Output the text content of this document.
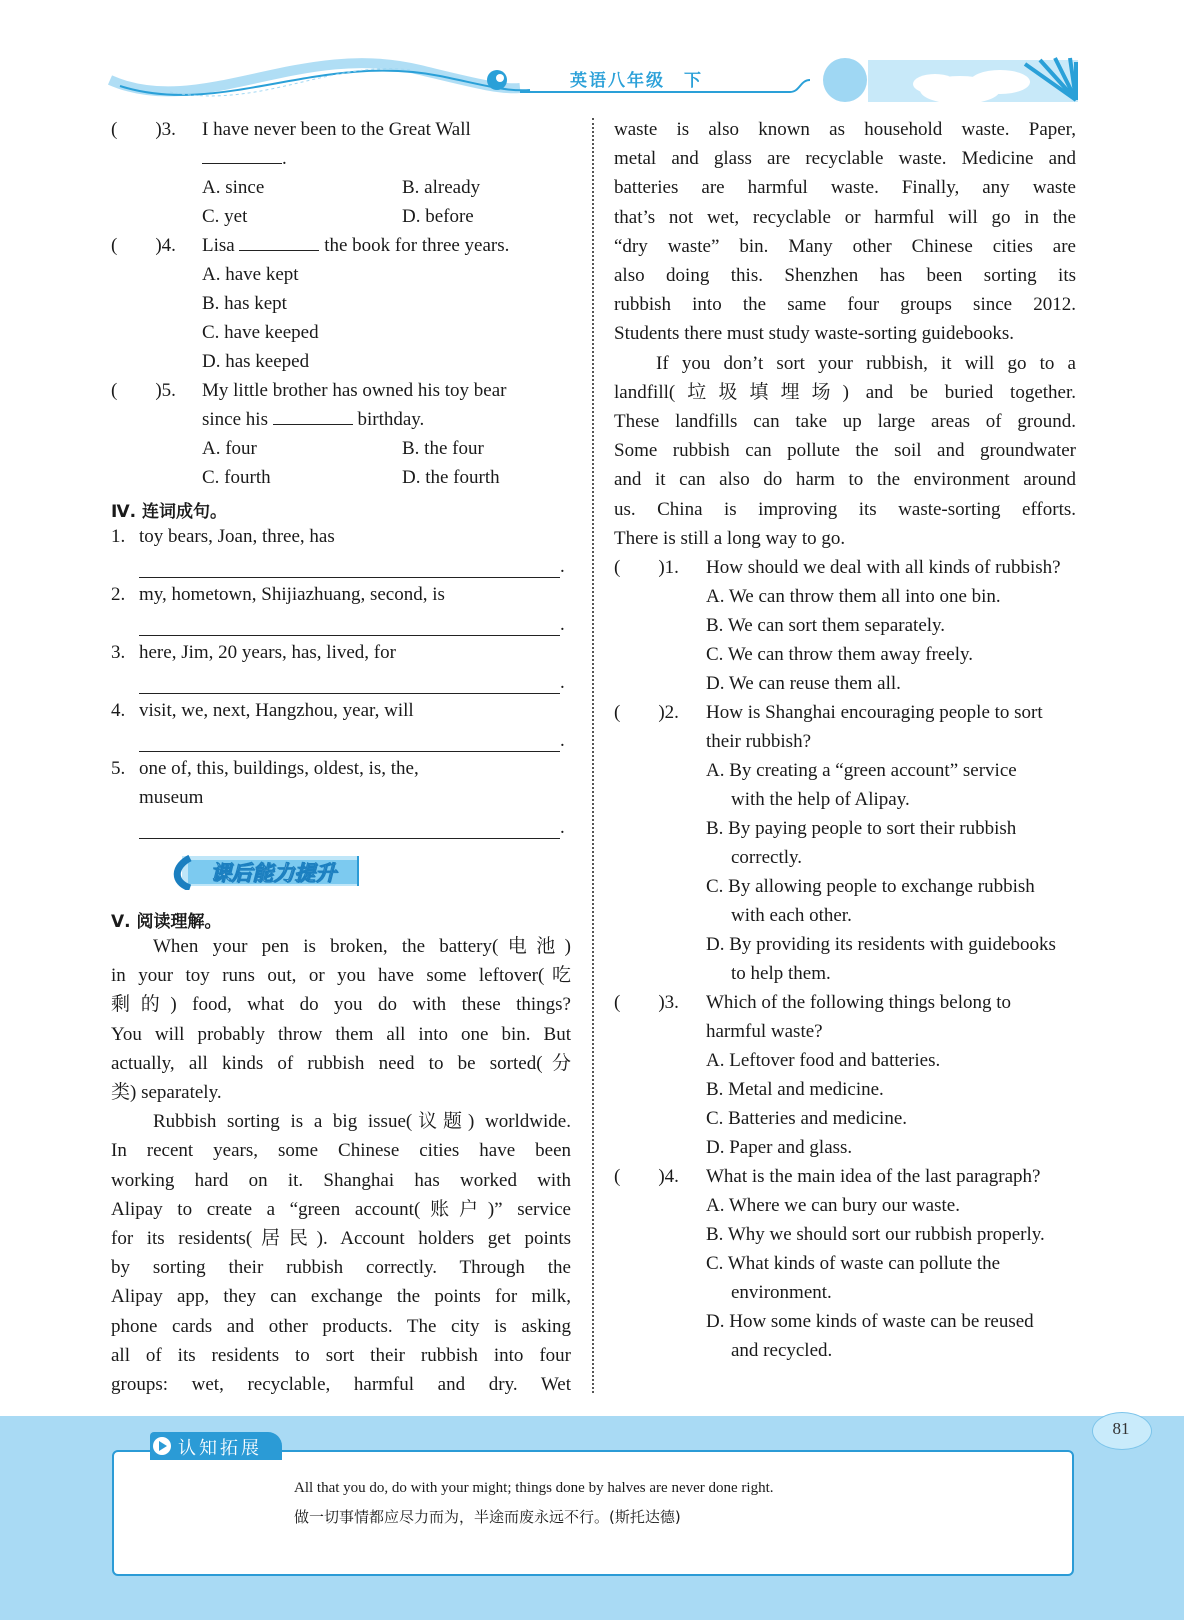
英语八年级　下
(　　)3. I have never been to the Great Wall
.
A. since	B. already
C. yet	D. before
(　　)4. Lisa	the book for three years.
A. have kept
B. has kept
C. have keeped
D. has keeped
(　　)5. My little brother has owned his toy bear
since his	birthday.
A. four	B. the four
C. fourth	D. the fourth
Ⅳ. 连词成句。
1. toy bears, Joan, three, has
.
2. my, hometown, Shijiazhuang, second, is
.
3. here, Jim, 20 years, has, lived, for
.
4. visit, we, next, Hangzhou, year, will
.
5. one of, this, buildings, oldest, is, the,
museum
.
课后能力提升
Ⅴ. 阅读理解。

When your pen is broken, the battery(电池)

in your toy runs out, or you have some leftover(吃

剩的) food, what do you do with these things?

You will probably throw them all into one bin. But

actually, all kinds of rubbish need to be sorted(分

类) separately.

Rubbish sorting is a big issue(议题) worldwide.

In recent years, some Chinese cities have been

working hard on it. Shanghai has worked with

Alipay to create a “green account(账户)” service

for its residents(居民). Account holders get points

by sorting their rubbish correctly. Through the

Alipay app, they can exchange the points for milk,

phone cards and other products. The city is asking

all of its residents to sort their rubbish into four

groups: wet, recyclable, harmful and dry. Wet

waste is also known as household waste. Paper,

metal and glass are recyclable waste. Medicine and

batteries are harmful waste. Finally, any waste

that’s not wet, recyclable or harmful will go in the

“dry waste” bin. Many other Chinese cities are

also doing this. Shenzhen has been sorting its

rubbish into the same four groups since 2012.

Students there must study waste-sorting guidebooks.

If you don’t sort your rubbish, it will go to a

landfill(垃圾填埋场) and be buried together.

These landfills can take up large areas of ground.

Some rubbish can pollute the soil and groundwater

and it can also do harm to the environment around

us. China is improving its waste-sorting efforts.

There is still a long way to go.

(　　)1. How should we deal with all kinds of rubbish?
A. We can throw them all into one bin.
B. We can sort them separately.
C. We can throw them away freely.
D. We can reuse them all.
(　　)2. How is Shanghai encouraging people to sort
their rubbish?
A. By creating a “green account” service
with the help of Alipay.
B. By paying people to sort their rubbish
correctly.
C. By allowing people to exchange rubbish
with each other.
D. By providing its residents with guidebooks
to help them.
(　　)3. Which of the following things belong to
harmful waste?
A. Leftover food and batteries.
B. Metal and medicine.
C. Batteries and medicine.
D. Paper and glass.
(　　)4. What is the main idea of the last paragraph?
A. Where we can bury our waste.
B. Why we should sort our rubbish properly.
C. What kinds of waste can pollute the
environment.
D. How some kinds of waste can be reused
and recycled.
81
认知拓展
All that you do, do with your might; things done by halves are never done right.
做一切事情都应尽力而为，半途而废永远不行。(斯托达德)
